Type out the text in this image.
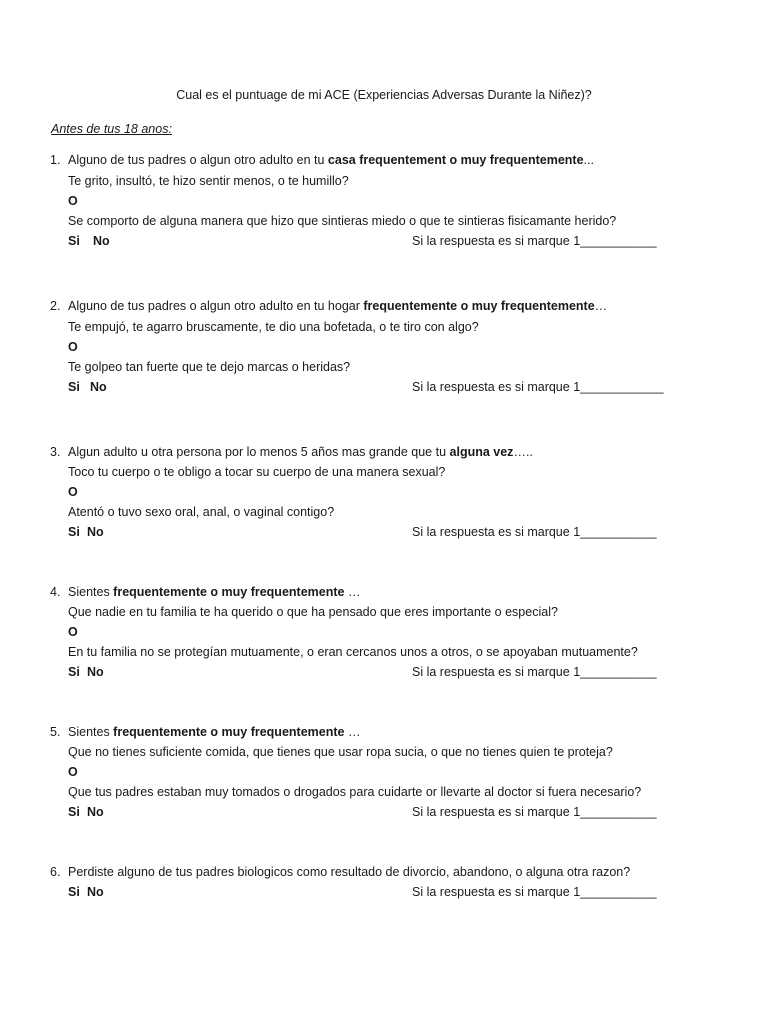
Cual es el puntuage de mi ACE (Experiencias Adversas Durante la Niñez)?
Antes de tus 18 anos:
1. Alguno de tus padres o algun otro adulto en tu casa frequentement o muy frequentemente...
Te grito, insultó, te hizo sentir menos, o te humillo?
O
Se comporto de alguna manera que hizo que sintieras miedo o que te sintieras fisicamante herido?
Si No	Si la respuesta es si marque 1___________
2. Alguno de tus padres o algun otro adulto en tu hogar frequentemente o muy frequentemente…
Te empujó, te agarro bruscamente, te dio una bofetada, o te tiro con algo?
O
Te golpeo tan fuerte que te dejo marcas o heridas?
Si No	Si la respuesta es si marque 1____________
3. Algun adulto u otra persona por lo menos 5 años mas grande que tu alguna vez…..
Toco tu cuerpo o te obligo a tocar su cuerpo de una manera sexual?
O
Atentó o tuvo sexo oral, anal, o vaginal contigo?
Si No	Si la respuesta es si marque 1___________
4. Sientes frequentemente o muy frequentemente …
Que nadie en tu familia te ha querido o que ha pensado que eres importante o especial?
O
En tu familia no se protegían mutuamente, o eran cercanos unos a otros, o se apoyaban mutuamente?
Si No	Si la respuesta es si marque 1___________
5. Sientes frequentemente o muy frequentemente …
Que no tienes suficiente comida, que tienes que usar ropa sucia, o que no tienes quien te proteja?
O
Que tus padres estaban muy tomados o drogados para cuidarte or llevarte al doctor si fuera necesario?
Si No	Si la respuesta es si marque 1___________
6. Perdiste alguno de tus padres biologicos como resultado de divorcio, abandono, o alguna otra razon?
Si No	Si la respuesta es si marque 1___________
